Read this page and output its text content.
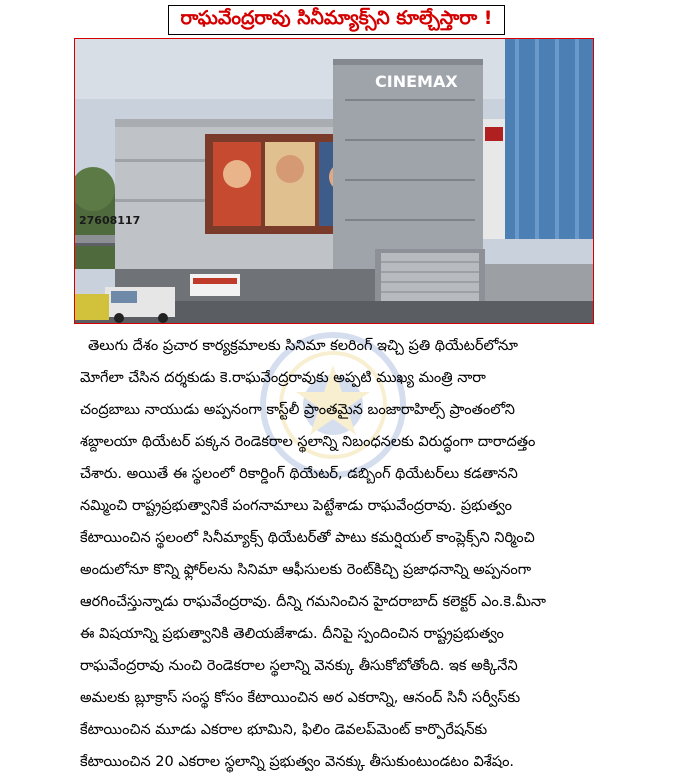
రాఘవేంద్రరావు సినీమ్యాక్స్‌ని కూల్చేస్తారా !
CINEMAX
27608117

తెలుగు దేశం ప్రచార కార్యక్రమాలకు సినిమా కలరింగ్ ఇచ్చి ప్రతి థియేటర్‌లోనూ

మోగేలా చేసిన దర్శకుడు కె.రాఘవేంద్రరావుకు అప్పటి ముఖ్య మంత్రి నారా

చంద్రబాబు నాయుడు అప్పనంగా కాస్ట్‌లీ ప్రాంతమైన బంజారాహిల్స్ ప్రాంతంలోని

శబ్దాలయా థియేటర్ పక్కన రెండెకరాల స్థలాన్ని నిబంధనలకు విరుద్ధంగా దారాదత్తం

చేశారు. అయితే ఈ స్థలంలో రికార్డింగ్ థియేటర్, డబ్బింగ్ థియేటర్‌లు కడతానని

నమ్మించి రాష్ట్రప్రభుత్వానికే పంగనామాలు పెట్టేశాడు రాఘవేంద్రరావు. ప్రభుత్వం

కేటాయించిన స్థలంలో సినీమ్యాక్స్ థియేటర్‌తో పాటు కమర్షియల్ కాంప్లెక్స్‌ని నిర్మించి

అందులోనూ కొన్ని ఫ్లోర్‌లను సినిమా ఆఫీసులకు రెంట్‌కిచ్చి ప్రజాధనాన్ని అప్పనంగా

ఆరగించేస్తున్నాడు రాఘవేంద్రరావు. దీన్ని గమనించిన హైదరాబాద్ కలెక్టర్ ఎం.కె.మీనా

ఈ విషయాన్ని ప్రభుత్వానికి తెలియజేశాడు. దీనిపై స్పందించిన రాష్ట్రప్రభుత్వం

రాఘవేంద్రరావు నుంచి రెండెకరాల స్థలాన్ని వెనక్కు తీసుకోబోతోంది. ఇక అక్కినేని

అమలకు బ్లూక్రాస్ సంస్థ కోసం కేటాయించిన అర ఎకరాన్ని, ఆనంద్ సినీ సర్వీస్‌కు

కేటాయించిన మూడు ఎకరాల భూమిని, ఫిలిం డెవలప్‌మెంట్ కార్పొరేషన్‌కు

కేటాయించిన 20 ఎకరాల స్థలాన్ని ప్రభుత్వం వెనక్కు తీసుకుంటుండటం విశేషం.
